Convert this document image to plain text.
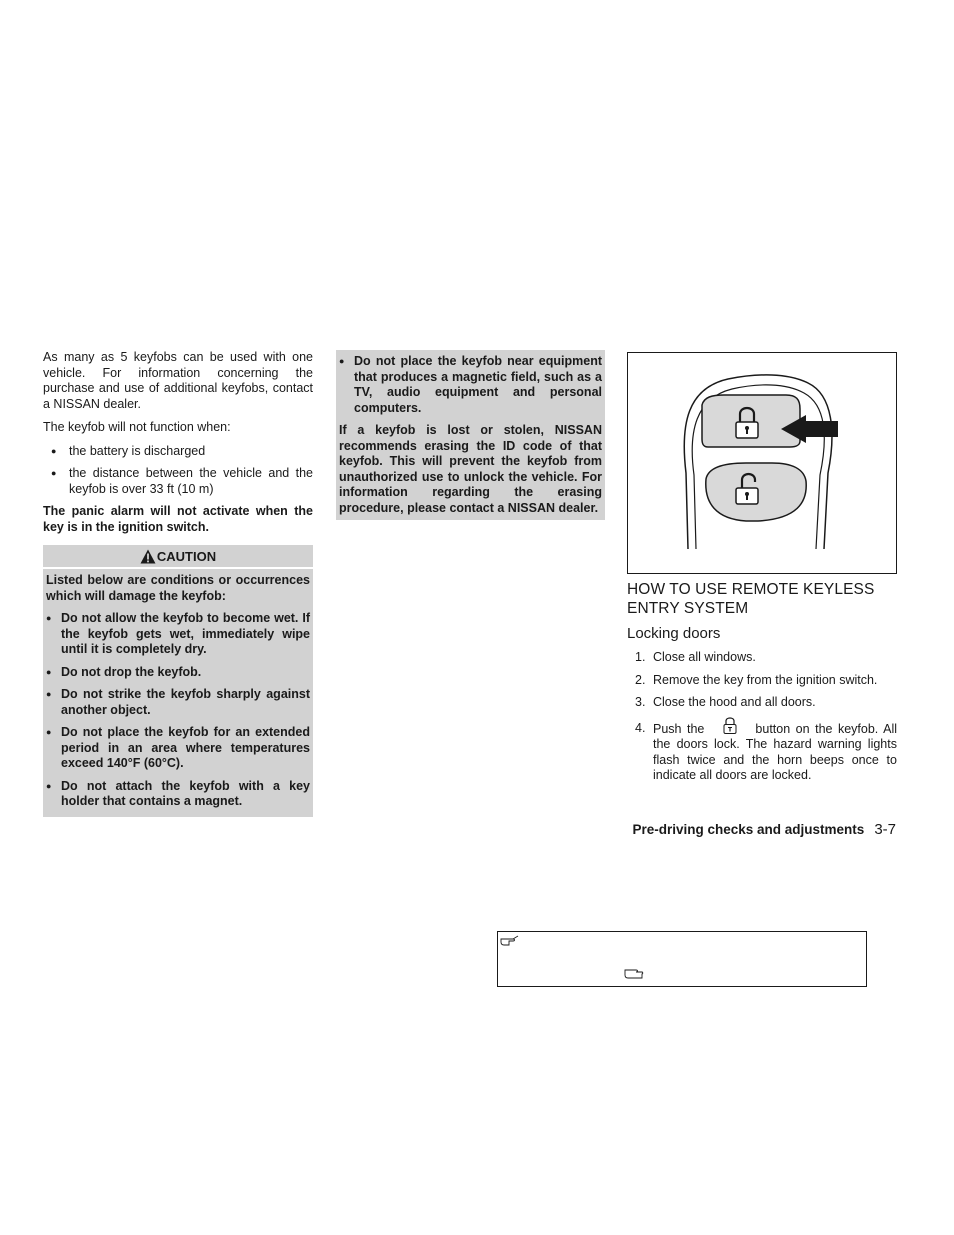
As many as 5 keyfobs can be used with one vehicle. For information concerning the purchase and use of additional keyfobs, contact a NISSAN dealer.

The keyfob will not function when:

● the battery is discharged
● the distance between the vehicle and the keyfob is over 33 ft (10 m)

The panic alarm will not activate when the key is in the ignition switch.

CAUTION

Listed below are conditions or occurrences which will damage the keyfob:

● Do not allow the keyfob to become wet. If the keyfob gets wet, immediately wipe until it is completely dry.
● Do not drop the keyfob.
● Do not strike the keyfob sharply against another object.
● Do not place the keyfob for an extended period in an area where temperatures exceed 140°F (60°C).
● Do not attach the keyfob with a key holder that contains a magnet.
● Do not place the keyfob near equipment that produces a magnetic field, such as a TV, audio equipment and personal computers.

If a keyfob is lost or stolen, NISSAN recommends erasing the ID code of that keyfob. This will prevent the keyfob from unauthorized use to unlock the vehicle. For information regarding the erasing procedure, please contact a NISSAN dealer.

HOW TO USE REMOTE KEYLESS ENTRY SYSTEM
Locking doors
1. Close all windows.
2. Remove the key from the ignition switch.
3. Close the hood and all doors.
4. Push the	button on the keyfob. All the doors lock. The hazard warning lights flash twice and the horn beeps once to indicate all doors are locked.
Pre-driving checks and adjustments 3-7
